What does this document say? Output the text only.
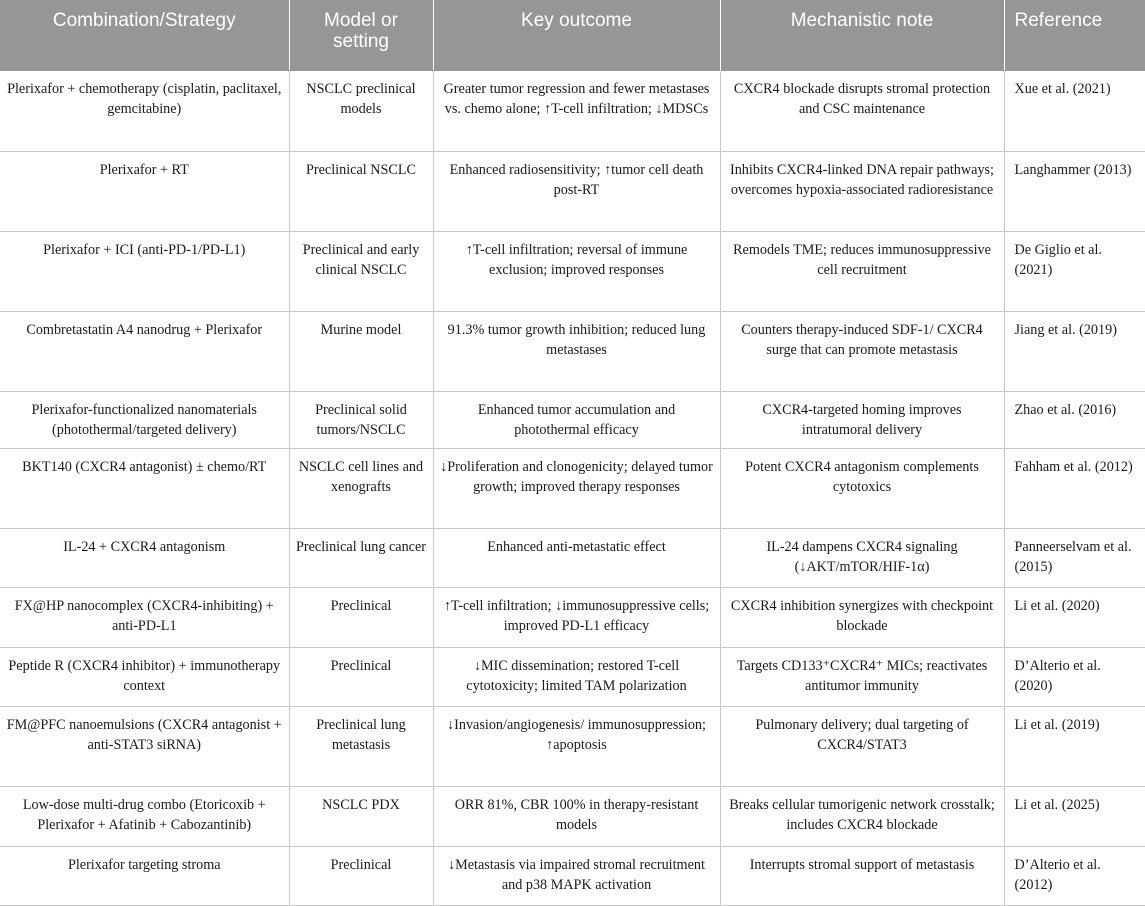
Combination/Strategy	Model or setting	Key outcome	Mechanistic note	Reference
Plerixafor + chemotherapy (cisplatin, paclitaxel, gemcitabine)	NSCLC preclinical models	Greater tumor regression and fewer metastases vs. chemo alone; ↑T-cell infiltration; ↓MDSCs	CXCR4 blockade disrupts stromal protection and CSC maintenance	Xue et al. (2021)
Plerixafor + RT	Preclinical NSCLC	Enhanced radiosensitivity; ↑tumor cell death post-RT	Inhibits CXCR4-linked DNA repair pathways; overcomes hypoxia-associated radioresistance	Langhammer (2013)
Plerixafor + ICI (anti-PD-1/PD-L1)	Preclinical and early clinical NSCLC	↑T-cell infiltration; reversal of immune exclusion; improved responses	Remodels TME; reduces immunosuppressive cell recruitment	De Giglio et al. (2021)
Combretastatin A4 nanodrug + Plerixafor	Murine model	91.3% tumor growth inhibition; reduced lung metastases	Counters therapy-induced SDF-1/ CXCR4 surge that can promote metastasis	Jiang et al. (2019)
Plerixafor-functionalized nanomaterials (photothermal/targeted delivery)	Preclinical solid tumors/NSCLC	Enhanced tumor accumulation and photothermal efficacy	CXCR4-targeted homing improves intratumoral delivery	Zhao et al. (2016)
BKT140 (CXCR4 antagonist) ± chemo/RT	NSCLC cell lines and xenografts	↓Proliferation and clonogenicity; delayed tumor growth; improved therapy responses	Potent CXCR4 antagonism complements cytotoxics	Fahham et al. (2012)
IL-24 + CXCR4 antagonism	Preclinical lung cancer	Enhanced anti-metastatic effect	IL-24 dampens CXCR4 signaling (↓AKT/mTOR/HIF-1α)	Panneerselvam et al. (2015)
FX@HP nanocomplex (CXCR4-inhibiting) + anti-PD-L1	Preclinical	↑T-cell infiltration; ↓immunosuppressive cells; improved PD-L1 efficacy	CXCR4 inhibition synergizes with checkpoint blockade	Li et al. (2020)
Peptide R (CXCR4 inhibitor) + immunotherapy context	Preclinical	↓MIC dissemination; restored T-cell cytotoxicity; limited TAM polarization	Targets CD133⁺CXCR4⁺ MICs; reactivates antitumor immunity	D’Alterio et al. (2020)
FM@PFC nanoemulsions (CXCR4 antagonist + anti-STAT3 siRNA)	Preclinical lung metastasis	↓Invasion/angiogenesis/ immunosuppression; ↑apoptosis	Pulmonary delivery; dual targeting of CXCR4/STAT3	Li et al. (2019)
Low-dose multi-drug combo (Etoricoxib + Plerixafor + Afatinib + Cabozantinib)	NSCLC PDX	ORR 81%, CBR 100% in therapy-resistant models	Breaks cellular tumorigenic network crosstalk; includes CXCR4 blockade	Li et al. (2025)
Plerixafor targeting stroma	Preclinical	↓Metastasis via impaired stromal recruitment and p38 MAPK activation	Interrupts stromal support of metastasis	D’Alterio et al. (2012)
